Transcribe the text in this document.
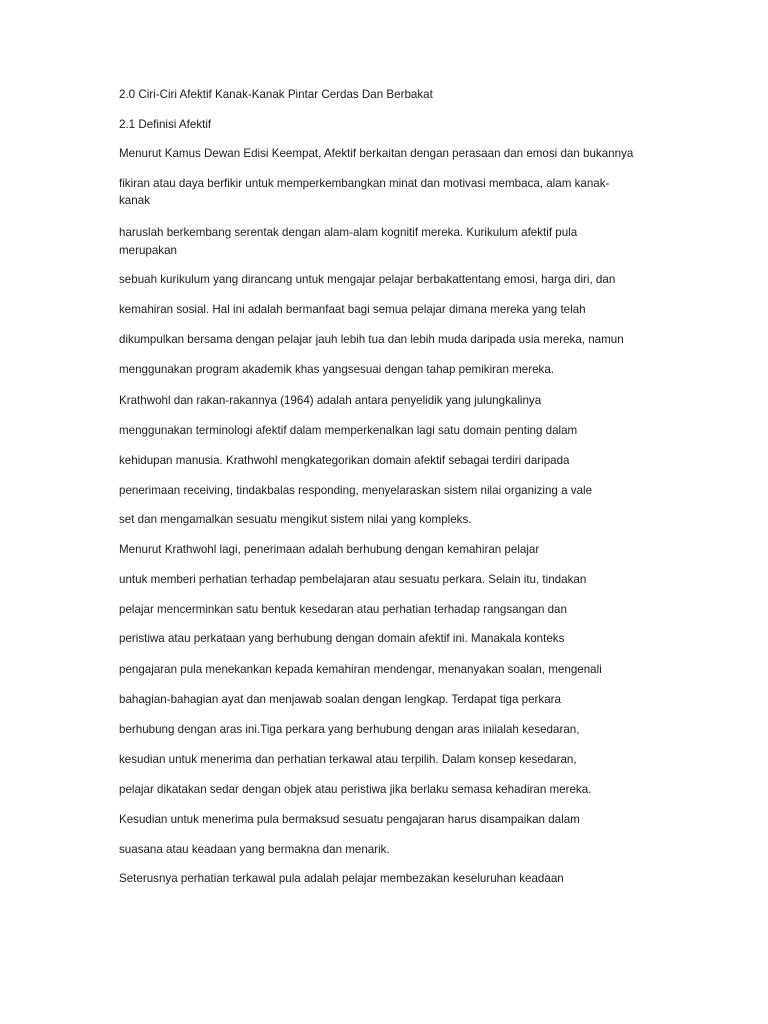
2.0 Ciri-Ciri Afektif Kanak-Kanak Pintar Cerdas Dan Berbakat
2.1 Definisi Afektif
Menurut Kamus Dewan Edisi Keempat, Afektif berkaitan dengan perasaan dan emosi dan bukannya
fikiran atau daya berfikir untuk memperkembangkan minat dan motivasi membaca, alam kanak-
kanak
haruslah berkembang serentak dengan alam-alam kognitif mereka. Kurikulum afektif pula
merupakan
sebuah kurikulum yang dirancang untuk mengajar pelajar berbakattentang emosi, harga diri, dan
kemahiran sosial. Hal ini adalah bermanfaat bagi semua pelajar dimana mereka yang telah
dikumpulkan bersama dengan pelajar jauh lebih tua dan lebih muda daripada usia mereka, namun
menggunakan program akademik khas yangsesuai dengan tahap pemikiran mereka.
Krathwohl dan rakan-rakannya (1964) adalah antara penyelidik yang julungkalinya
menggunakan terminologi afektif dalam memperkenalkan lagi satu domain penting dalam
kehidupan manusia. Krathwohl mengkategorikan domain afektif sebagai terdiri daripada
penerimaan receiving, tindakbalas responding, menyelaraskan sistem nilai organizing a vale
set dan mengamalkan sesuatu mengikut sistem nilai yang kompleks.
Menurut Krathwohl lagi, penerimaan adalah berhubung dengan kemahiran pelajar
untuk memberi perhatian terhadap pembelajaran atau sesuatu perkara. Selain itu, tindakan
pelajar mencerminkan satu bentuk kesedaran atau perhatian terhadap rangsangan dan
peristiwa atau perkataan yang berhubung dengan domain afektif ini. Manakala konteks
pengajaran pula menekankan kepada kemahiran mendengar, menanyakan soalan, mengenali
bahagian-bahagian ayat dan menjawab soalan dengan lengkap. Terdapat tiga perkara
berhubung dengan aras ini.Tiga perkara yang berhubung dengan aras iniialah kesedaran,
kesudian untuk menerima dan perhatian terkawal atau terpilih. Dalam konsep kesedaran,
pelajar dikatakan sedar dengan objek atau peristiwa jika berlaku semasa kehadiran mereka.
Kesudian untuk menerima pula bermaksud sesuatu pengajaran harus disampaikan dalam
suasana atau keadaan yang bermakna dan menarik.
Seterusnya perhatian terkawal pula adalah pelajar membezakan keseluruhan keadaan
